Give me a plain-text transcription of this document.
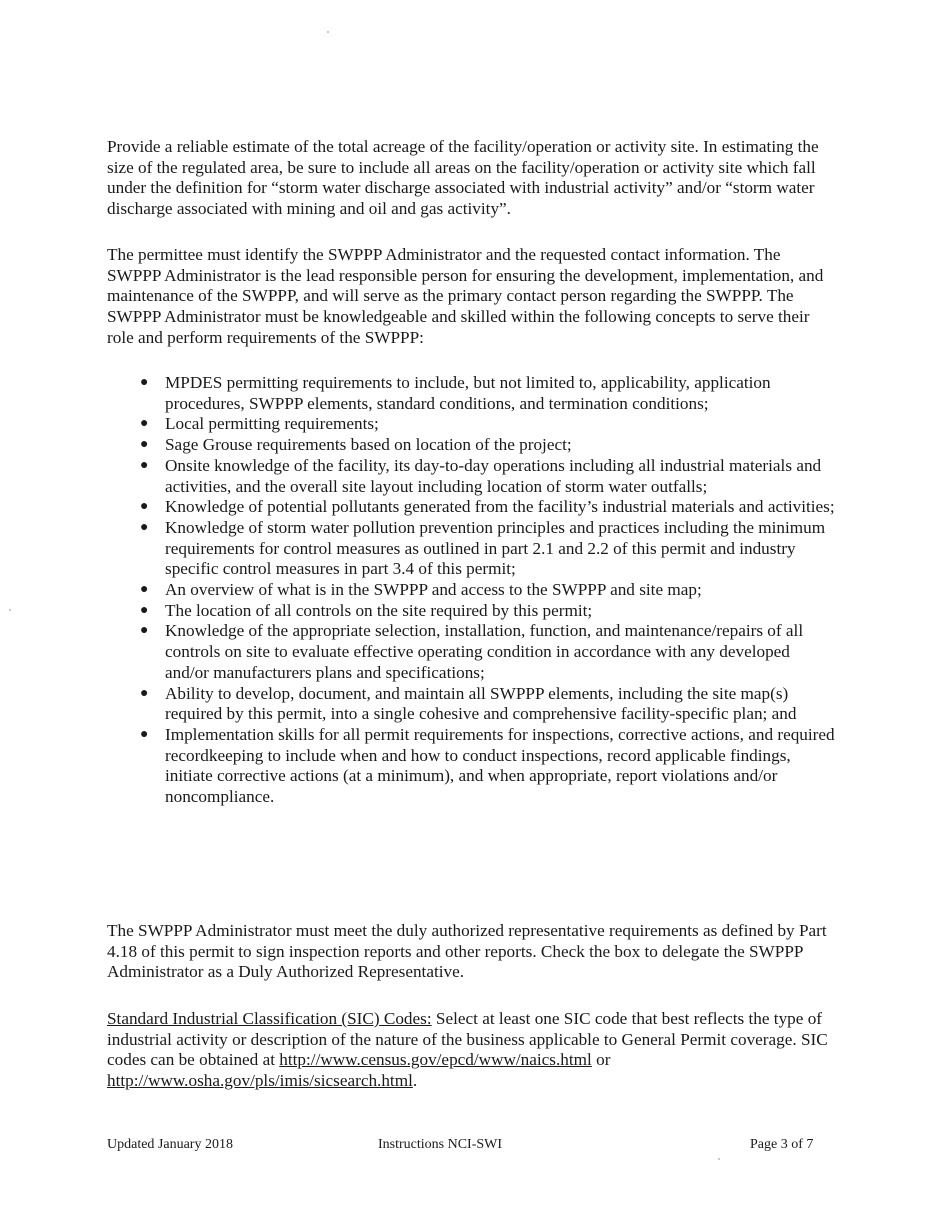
Provide a reliable estimate of the total acreage of the facility/operation or activity site. In estimating the size of the regulated area, be sure to include all areas on the facility/operation or activity site which fall under the definition for “storm water discharge associated with industrial activity” and/or “storm water discharge associated with mining and oil and gas activity”.

The permittee must identify the SWPPP Administrator and the requested contact information. The SWPPP Administrator is the lead responsible person for ensuring the development, implementation, and maintenance of the SWPPP, and will serve as the primary contact person regarding the SWPPP. The SWPPP Administrator must be knowledgeable and skilled within the following concepts to serve their role and perform requirements of the SWPPP:

● MPDES permitting requirements to include, but not limited to, applicability, application procedures, SWPPP elements, standard conditions, and termination conditions;
● Local permitting requirements;
● Sage Grouse requirements based on location of the project;
● Onsite knowledge of the facility, its day-to-day operations including all industrial materials and activities, and the overall site layout including location of storm water outfalls;
● Knowledge of potential pollutants generated from the facility’s industrial materials and activities;
● Knowledge of storm water pollution prevention principles and practices including the minimum requirements for control measures as outlined in part 2.1 and 2.2 of this permit and industry specific control measures in part 3.4 of this permit;
● An overview of what is in the SWPPP and access to the SWPPP and site map;
● The location of all controls on the site required by this permit;
● Knowledge of the appropriate selection, installation, function, and maintenance/repairs of all controls on site to evaluate effective operating condition in accordance with any developed and/or manufacturers plans and specifications;
● Ability to develop, document, and maintain all SWPPP elements, including the site map(s) required by this permit, into a single cohesive and comprehensive facility-specific plan; and
● Implementation skills for all permit requirements for inspections, corrective actions, and required recordkeeping to include when and how to conduct inspections, record applicable findings, initiate corrective actions (at a minimum), and when appropriate, report violations and/or noncompliance.

The SWPPP Administrator must meet the duly authorized representative requirements as defined by Part 4.18 of this permit to sign inspection reports and other reports. Check the box to delegate the SWPPP Administrator as a Duly Authorized Representative.

Standard Industrial Classification (SIC) Codes: Select at least one SIC code that best reflects the type of industrial activity or description of the nature of the business applicable to General Permit coverage. SIC codes can be obtained at http://www.census.gov/epcd/www/naics.html or http://www.osha.gov/pls/imis/sicsearch.html.

Updated January 2018	Instructions NCI-SWI	Page 3 of 7
